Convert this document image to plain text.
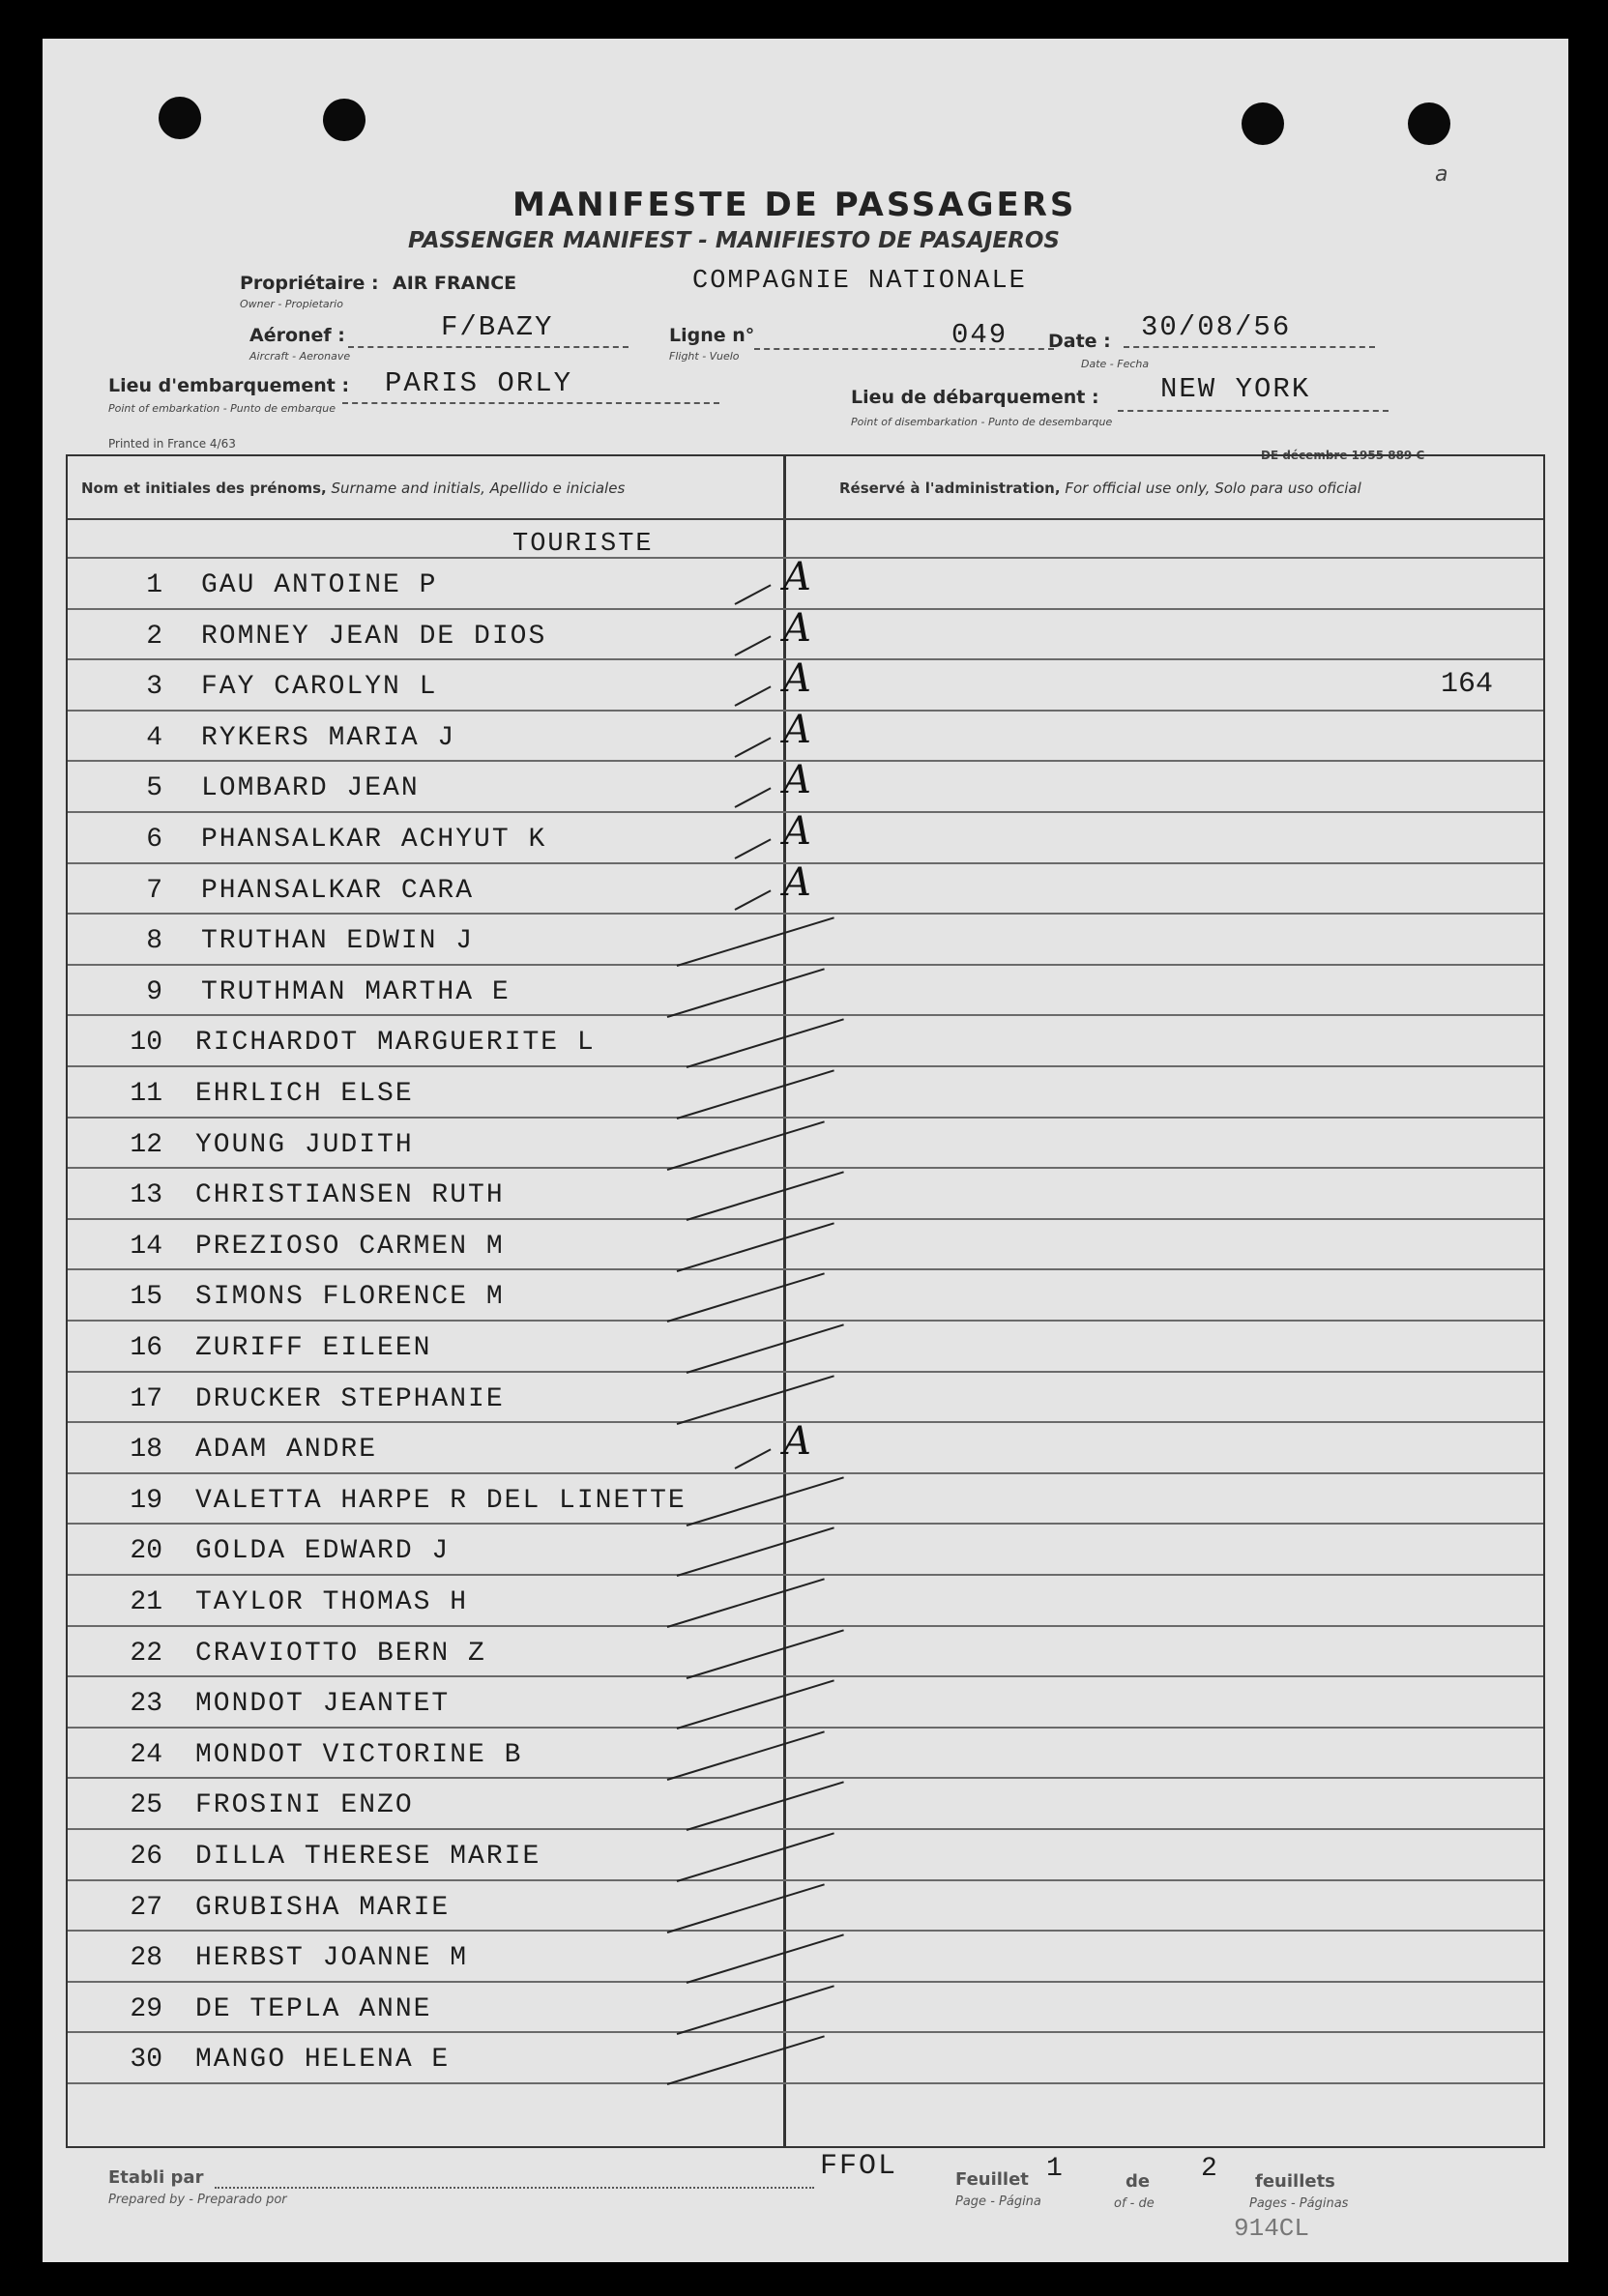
a
MANIFESTE DE PASSAGERS
PASSENGER MANIFEST - MANIFIESTO DE PASAJEROS
Propriétaire :
Owner - Propietario
AIR FRANCE	COMPAGNIE NATIONALE
Aéronef :
Aircraft - Aeronave
F/BAZY	Ligne n°
Flight - Vuelo
049 Date :
Date - Fecha
30/08/56
Lieu d'embarquement :
Point of embarkation - Punto de embarque
PARIS ORLY	Lieu de débarquement :
Point of disembarkation - Punto de desembarque
NEW YORK
Printed in France 4/63
DE décembre 1955 889 C
Nom et initiales des prénoms, Surname and initials, Apellido e iniciales	Réservé à l'administration, For official use only, Solo para uso oficial
TOURISTE
1 GAU ANTOINE P	A
2 ROMNEY JEAN DE DIOS	A
3 FAY CAROLYN L	A	164
4 RYKERS MARIA J	A
5 LOMBARD JEAN	A
6 PHANSALKAR ACHYUT K	A
7 PHANSALKAR CARA	A
8 TRUTHAN EDWIN J
9 TRUTHMAN MARTHA E
10 RICHARDOT MARGUERITE L
11 EHRLICH ELSE
12 YOUNG JUDITH
13 CHRISTIANSEN RUTH
14 PREZIOSO CARMEN M
15 SIMONS FLORENCE M
16 ZURIFF EILEEN
17 DRUCKER STEPHANIE
18 ADAM ANDRE	A
19 VALETTA HARPE R DEL LINETTE
20 GOLDA EDWARD J
21 TAYLOR THOMAS H
22 CRAVIOTTO BERN Z
23 MONDOT JEANTET
24 MONDOT VICTORINE B
25 FROSINI ENZO
26 DILLA THERESE MARIE
27 GRUBISHA MARIE
28 HERBST JOANNE M
29 DE TEPLA ANNE
30 MANGO HELENA E
Etabli par
Prepared by - Preparado por
FFOL	Feuillet
Page - Página
1	de
of - de
2 feuillets
Pages - Páginas
914CL
